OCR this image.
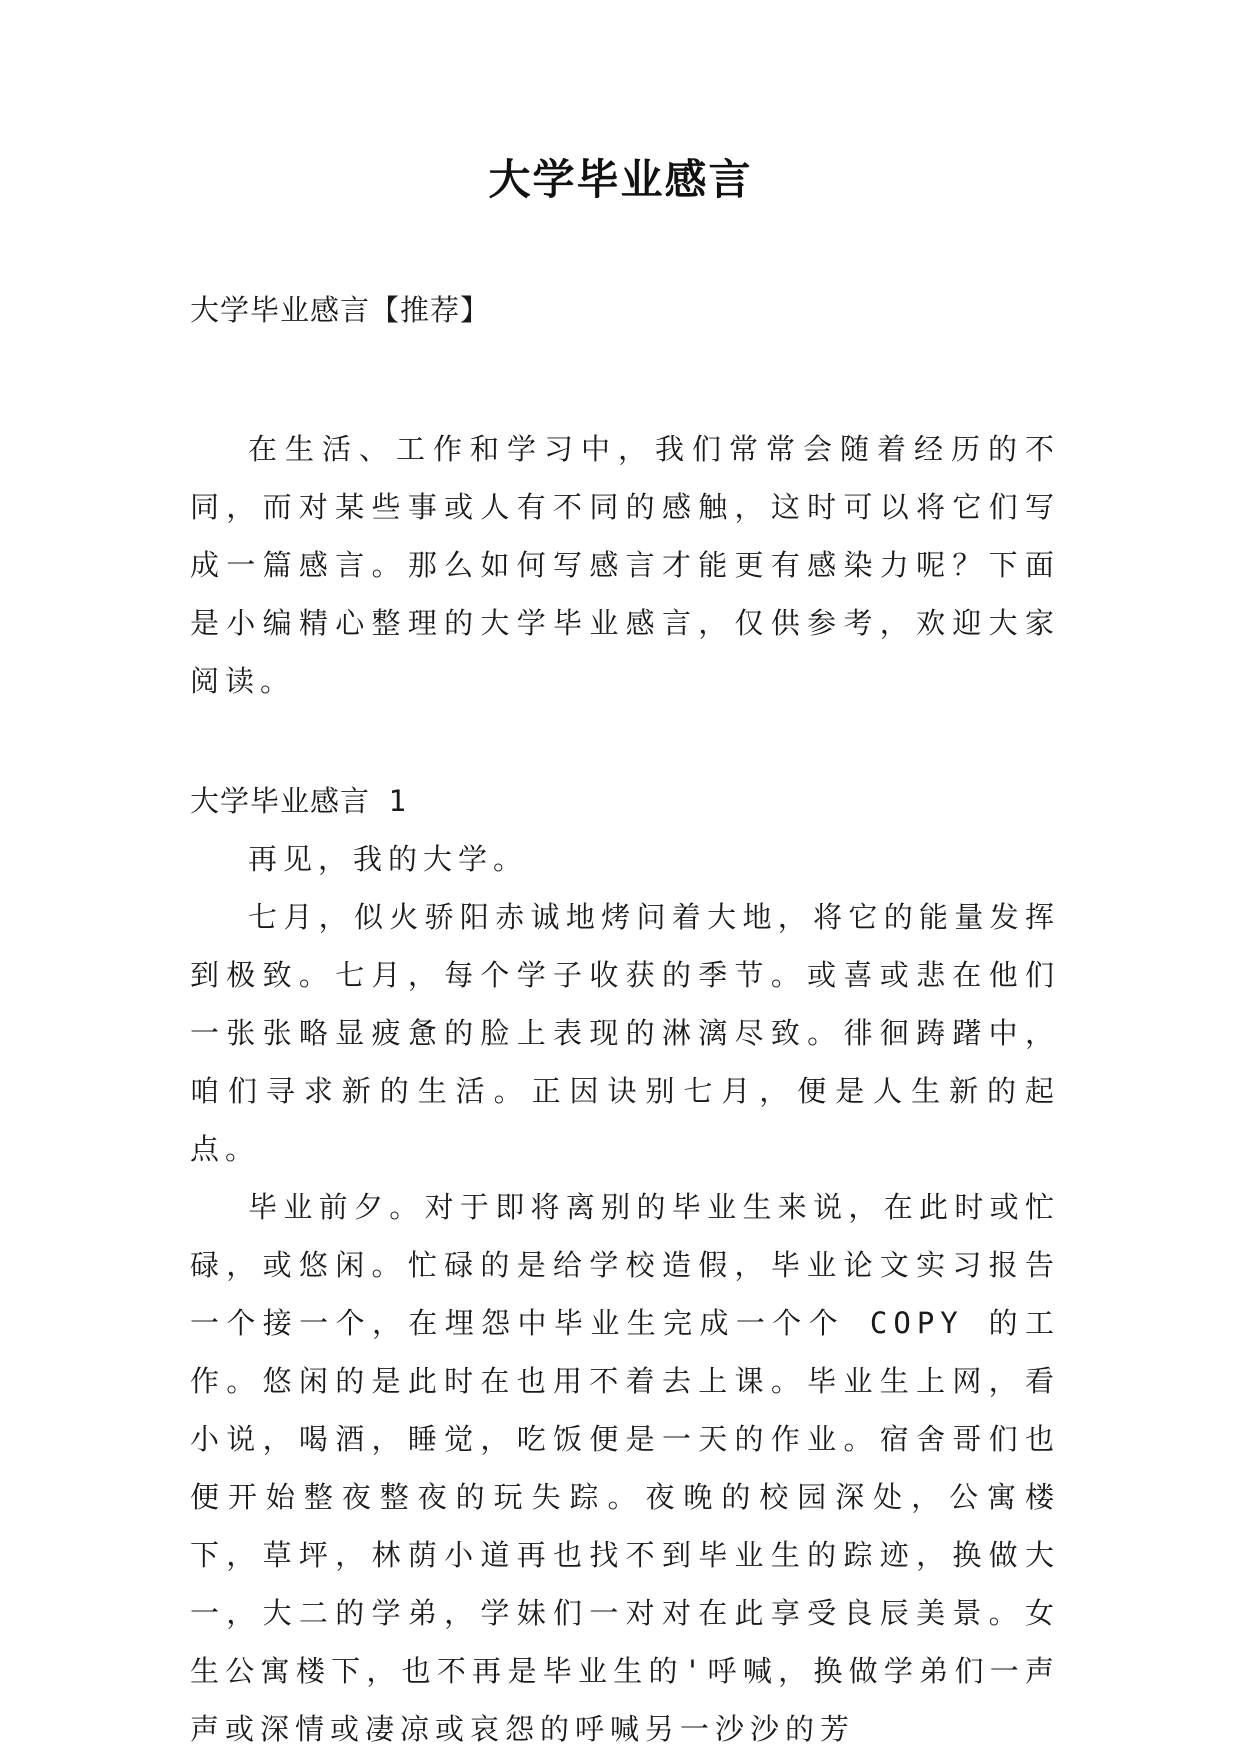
大学毕业感言

大学毕业感言【推荐】

在生活、工作和学习中，我们常常会随着经历的不同，而对某些事或人有不同的感触，这时可以将它们写成一篇感言。那么如何写感言才能更有感染力呢？下面是小编精心整理的大学毕业感言，仅供参考，欢迎大家阅读。

大学毕业感言 1

再见，我的大学。

七月，似火骄阳赤诚地烤问着大地，将它的能量发挥到极致。七月，每个学子收获的季节。或喜或悲在他们一张张略显疲惫的脸上表现的淋漓尽致。徘徊踌躇中，咱们寻求新的生活。正因诀别七月，便是人生新的起点。

毕业前夕。对于即将离别的毕业生来说，在此时或忙碌，或悠闲。忙碌的是给学校造假，毕业论文实习报告一个接一个，在埋怨中毕业生完成一个个 COPY 的工作。悠闲的是此时在也用不着去上课。毕业生上网，看小说，喝酒，睡觉，吃饭便是一天的作业。宿舍哥们也便开始整夜整夜的玩失踪。夜晚的校园深处，公寓楼下，草坪，林荫小道再也找不到毕业生的踪迹，换做大一，大二的学弟，学妹们一对对在此享受良辰美景。女生公寓楼下，也不再是毕业生的'呼喊，换做学弟们一声声或深情或凄凉或哀怨的呼喊另一沙沙的芳
